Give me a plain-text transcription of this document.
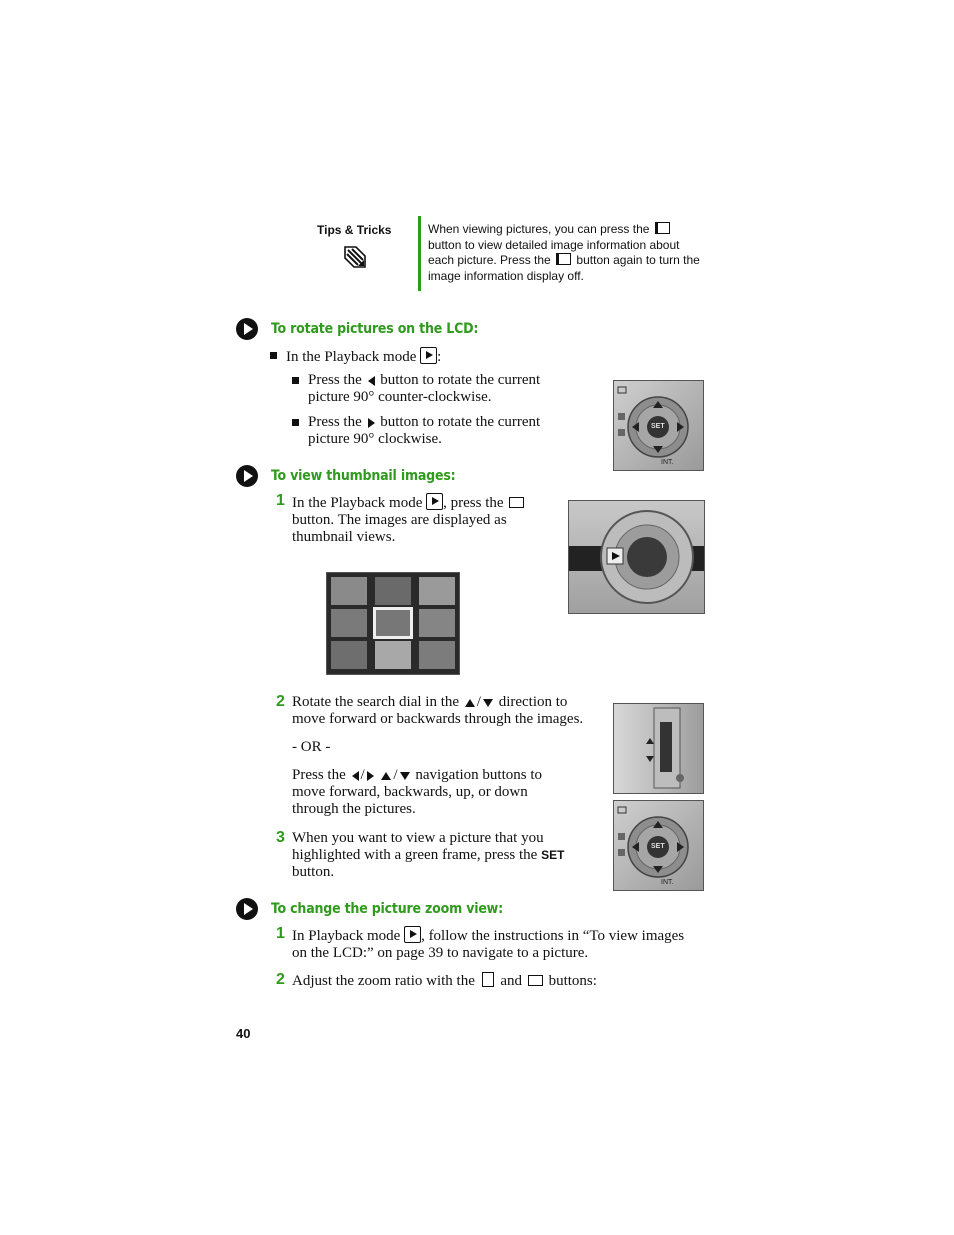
Tips & Tricks	When viewing pictures, you can press the
button to view detailed image information about
each picture. Press the button again to turn the
image information display off.
To rotate pictures on the LCD:
In the Playback mode :
Press the button to rotate the current
picture 90° counter-clockwise.
Press the button to rotate the current
picture 90° clockwise.
SET
INT.
To view thumbnail images:
1 In the Playback mode , press the
button. The images are displayed as
thumbnail views.
2 Rotate the search dial in the / direction to
move forward or backwards through the images.
- OR -
Press the / / navigation buttons to
move forward, backwards, up, or down
through the pictures.
3 When you want to view a picture that you
highlighted with a green frame, press the SET
button.
SET
INT.
To change the picture zoom view:
1 In Playback mode , follow the instructions in “To view images
on the LCD:” on page 39 to navigate to a picture.
2 Adjust the zoom ratio with the and buttons:
40
